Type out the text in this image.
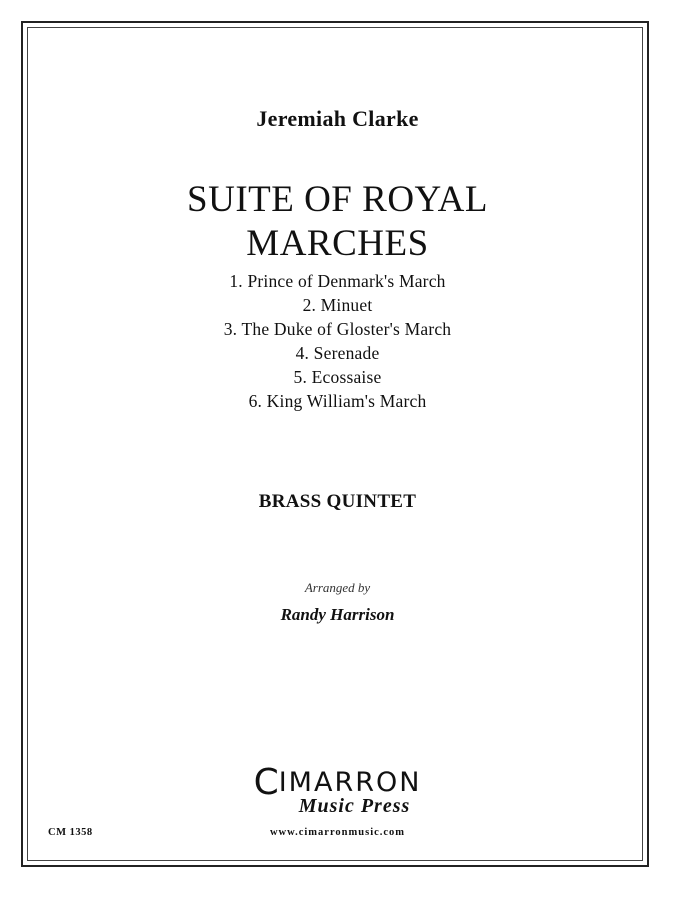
Jeremiah Clarke
SUITE OF ROYAL
MARCHES
1. Prince of Denmark's March
2. Minuet
3. The Duke of Gloster's March
4. Serenade
5. Ecossaise
6. King William's March
BRASS QUINTET
Arranged by
Randy Harrison
CIMARRON
Music Press
www.cimarronmusic.com
CM 1358
